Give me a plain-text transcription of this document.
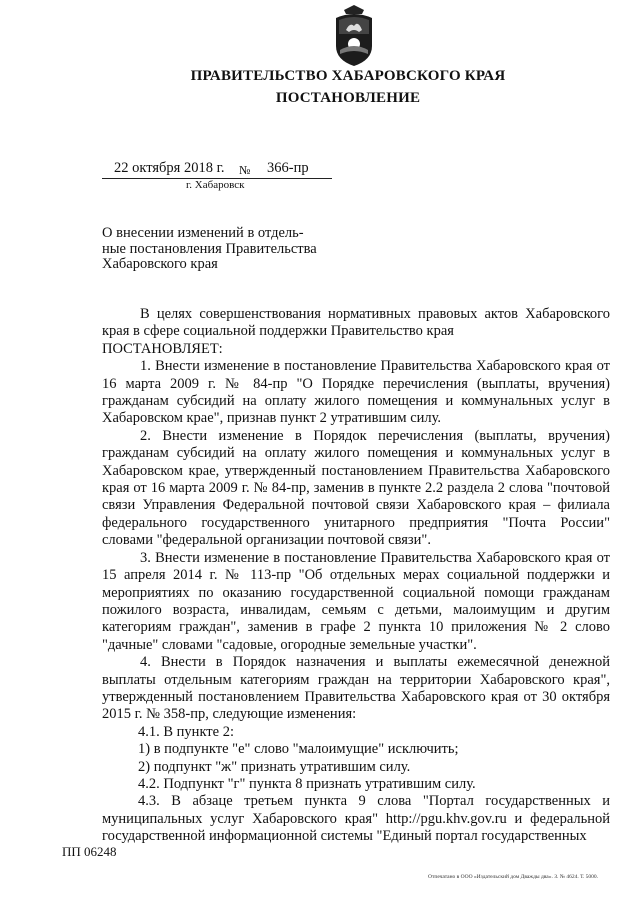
ПРАВИТЕЛЬСТВО ХАБАРОВСКОГО КРАЯ
ПОСТАНОВЛЕНИЕ
22 октября 2018 г. № 366-пр
г. Хабаровск
О внесении изменений в отдель-
ные постановления Правительства
Хабаровского края

В целях совершенствования нормативных правовых актов Хабаровского края в сфере социальной поддержки Правительство края

ПОСТАНОВЛЯЕТ:

1. Внести изменение в постановление Правительства Хабаровского края от 16 марта 2009 г. № 84-пр "О Порядке перечисления (выплаты, вручения) гражданам субсидий на оплату жилого помещения и коммунальных услуг в Хабаровском крае", признав пункт 2 утратившим силу.

2. Внести изменение в Порядок перечисления (выплаты, вручения) гражданам субсидий на оплату жилого помещения и коммунальных услуг в Хабаровском крае, утвержденный постановлением Правительства Хабаровского края от 16 марта 2009 г. № 84-пр, заменив в пункте 2.2 раздела 2 слова "почтовой связи Управления Федеральной почтовой связи Хабаровского края – филиала федерального государственного унитарного предприятия "Почта России" словами "федеральной организации почтовой связи".

3. Внести изменение в постановление Правительства Хабаровского края от 15 апреля 2014 г. № 113-пр "Об отдельных мерах социальной поддержки и мероприятиях по оказанию государственной социальной помощи гражданам пожилого возраста, инвалидам, семьям с детьми, малоимущим и другим категориям граждан", заменив в графе 2 пункта 10 приложения № 2 слово "дачные" словами "садовые, огородные земельные участки".

4. Внести в Порядок назначения и выплаты ежемесячной денежной выплаты отдельным категориям граждан на территории Хабаровского края", утвержденный постановлением Правительства Хабаровского края от 30 октября 2015 г. № 358-пр, следующие изменения:

4.1. В пункте 2:

1) в подпункте "е" слово "малоимущие" исключить;

2) подпункт "ж" признать утратившим силу.

4.2. Подпункт "г" пункта 8 признать утратившим силу.

4.3. В абзаце третьем пункта 9 слова "Портал государственных и муниципальных услуг Хабаровского края" http://pgu.khv.gov.ru и федеральной государственной информационной системы "Единый портал государственных

ПП 06248
Отпечатано в ООО «Издательский дом Дважды два». З. № 4624. Т. 5000.
